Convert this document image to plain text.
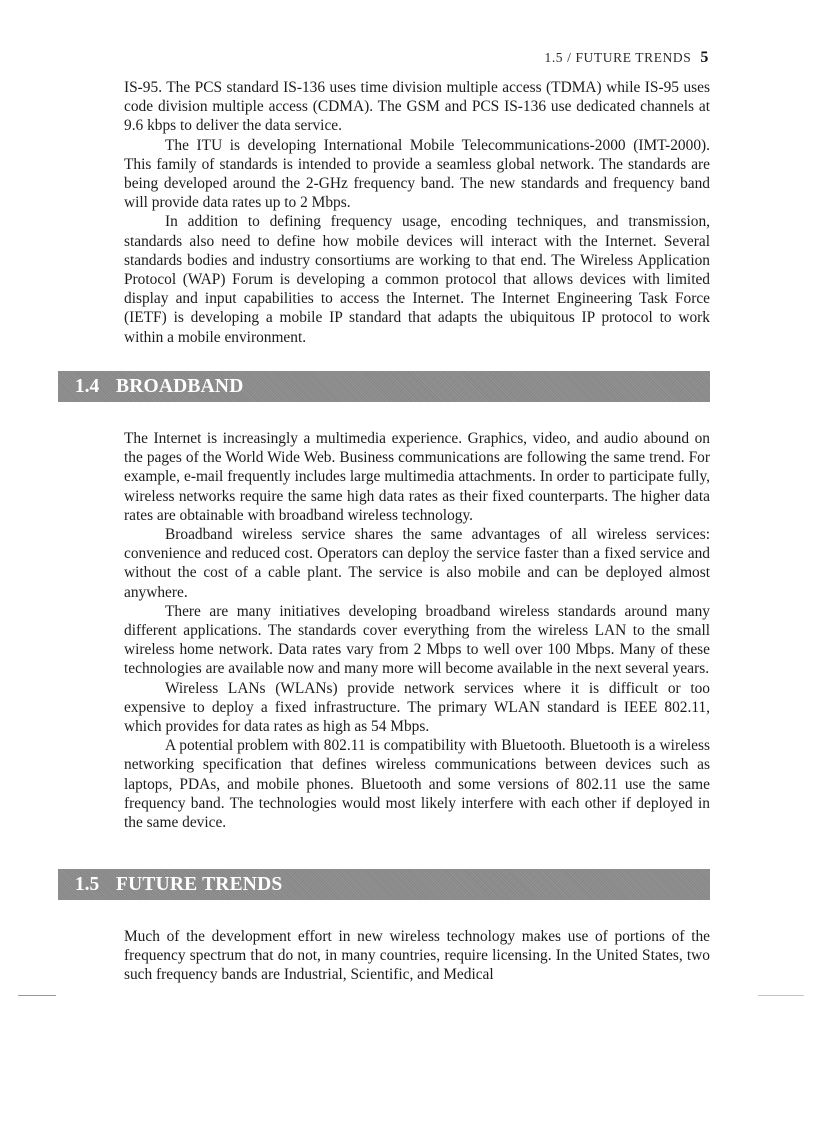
1.5 / FUTURE TRENDS 5

IS-95. The PCS standard IS-136 uses time division multiple access (TDMA) while IS-95 uses code division multiple access (CDMA). The GSM and PCS IS-136 use dedicated channels at 9.6 kbps to deliver the data service.

The ITU is developing International Mobile Telecommunications-2000 (IMT-2000). This family of standards is intended to provide a seamless global network. The standards are being developed around the 2-GHz frequency band. The new standards and frequency band will provide data rates up to 2 Mbps.

In addition to defining frequency usage, encoding techniques, and transmission, standards also need to define how mobile devices will interact with the Internet. Several standards bodies and industry consortiums are working to that end. The Wireless Application Protocol (WAP) Forum is developing a common protocol that allows devices with limited display and input capabilities to access the Internet. The Internet Engineering Task Force (IETF) is developing a mobile IP standard that adapts the ubiquitous IP protocol to work within a mobile environment.

1.4 BROADBAND

The Internet is increasingly a multimedia experience. Graphics, video, and audio abound on the pages of the World Wide Web. Business communications are following the same trend. For example, e-mail frequently includes large multimedia attachments. In order to participate fully, wireless networks require the same high data rates as their fixed counterparts. The higher data rates are obtainable with broadband wireless technology.

Broadband wireless service shares the same advantages of all wireless services: convenience and reduced cost. Operators can deploy the service faster than a fixed service and without the cost of a cable plant. The service is also mobile and can be deployed almost anywhere.

There are many initiatives developing broadband wireless standards around many different applications. The standards cover everything from the wireless LAN to the small wireless home network. Data rates vary from 2 Mbps to well over 100 Mbps. Many of these technologies are available now and many more will become available in the next several years.

Wireless LANs (WLANs) provide network services where it is difficult or too expensive to deploy a fixed infrastructure. The primary WLAN standard is IEEE 802.11, which provides for data rates as high as 54 Mbps.

A potential problem with 802.11 is compatibility with Bluetooth. Bluetooth is a wireless networking specification that defines wireless communications between devices such as laptops, PDAs, and mobile phones. Bluetooth and some versions of 802.11 use the same frequency band. The technologies would most likely interfere with each other if deployed in the same device.

1.5 FUTURE TRENDS

Much of the development effort in new wireless technology makes use of portions of the frequency spectrum that do not, in many countries, require licensing. In the United States, two such frequency bands are Industrial, Scientific, and Medical
